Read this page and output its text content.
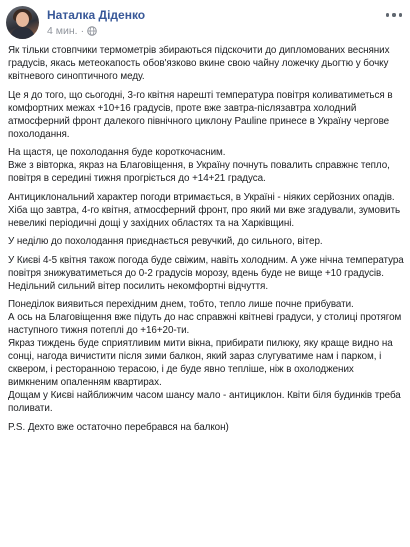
Наталка Діденко
4 мин. ·

Як тільки стовпчики термометрів збираються підскочити до дипломованих весняних градусів, якась метеокапость обов'язково вкине свою чайну ложечку дьогтю у бочку квітневого синоптичного меду.

Це я до того, що сьогодні, 3-го квітня нарешті температура повітря коливатиметься в комфортних межах +10+16 градусів, проте вже завтра-післязавтра холодний атмосферний фронт далекого північного циклону Pauline принесе в Україну чергове похолодання.

На щастя, це похолодання буде короткочасним.

Вже з вівторка, якраз на Благовіщення, в Україну почнуть повалить справжнє тепло, повітря в середині тижня прогріється до +14+21 градуса.

Антициклональний характер погоди втримається, в Україні - ніяких серйозних опадів.

Хіба що завтра, 4-го квітня, атмосферний фронт, про який ми вже згадували, зумовить невеликі періодичні дощі у західних областях та на Харківщині.

У неділю до похолодання приєднається ревучкий, до сильного, вітер.

У Києві 4-5 квітня також погода буде свіжим, навіть холодним. А уже нічна температура повітря знижуватиметься до 0-2 градусів морозу, вдень буде не вище +10 градусів. Недільний сильний вітер посилить некомфортні відчуття.

Понеділок виявиться перехідним днем, тобто, тепло лише почне прибувати.

А ось на Благовіщення вже підуть до нас справжні квітневі градуси, у столиці протягом наступного тижня потеплі до +16+20-ти.

Якраз тиждень буде сприятливим мити вікна, прибирати пилюку, яку краще видно на сонці, нагода вичистити після зими балкон, який зараз слугуватиме нам і парком, і сквером, і ресторанною терасою, і де буде явно тепліше, ніж в охолоджених вимкненим опаленням квартирах.

Дощам у Києві найближчим часом шансу мало - антициклон. Квіти біля будинків треба поливати.

P.S. Дехто вже остаточно перебрався на балкон)
